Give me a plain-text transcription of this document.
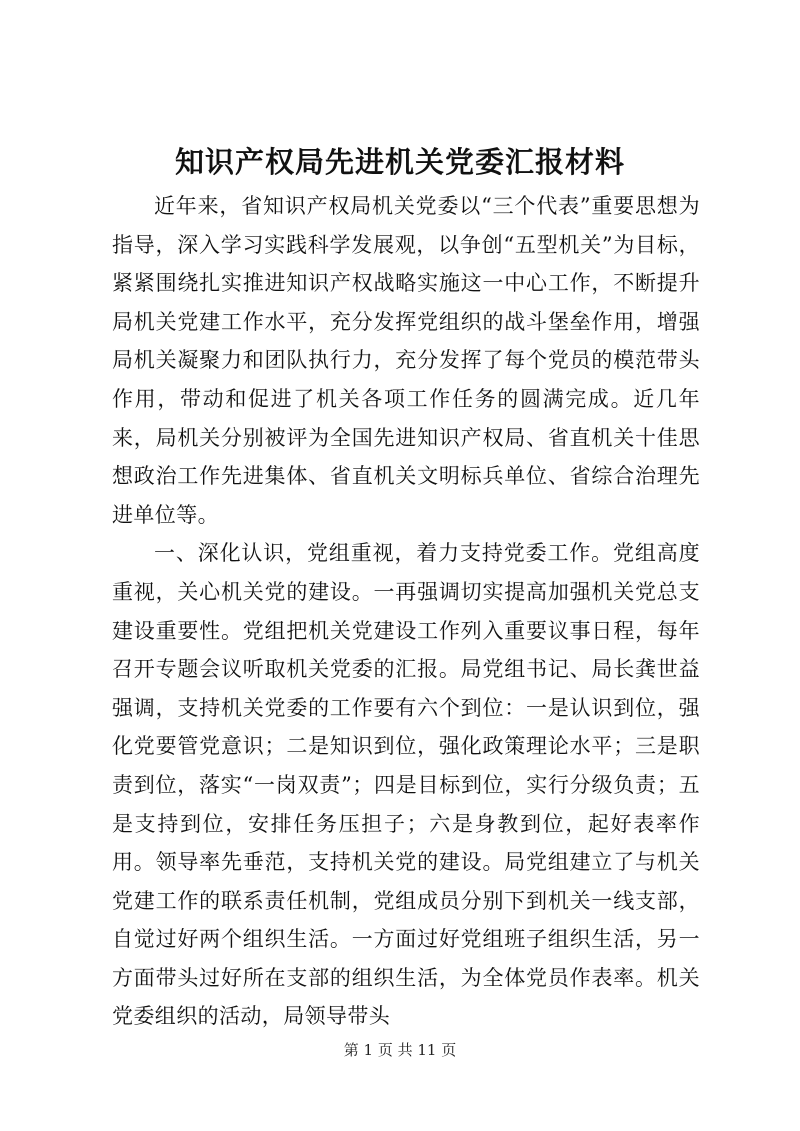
知识产权局先进机关党委汇报材料

近年来，省知识产权局机关党委以“三个代表”重要思想为指导，深入学习实践科学发展观，以争创“五型机关”为目标，紧紧围绕扎实推进知识产权战略实施这一中心工作，不断提升局机关党建工作水平，充分发挥党组织的战斗堡垒作用，增强局机关凝聚力和团队执行力，充分发挥了每个党员的模范带头作用，带动和促进了机关各项工作任务的圆满完成。近几年来，局机关分别被评为全国先进知识产权局、省直机关十佳思想政治工作先进集体、省直机关文明标兵单位、省综合治理先进单位等。

一、深化认识，党组重视，着力支持党委工作。党组高度重视，关心机关党的建设。一再强调切实提高加强机关党总支建设重要性。党组把机关党建设工作列入重要议事日程，每年召开专题会议听取机关党委的汇报。局党组书记、局长龚世益强调，支持机关党委的工作要有六个到位：一是认识到位，强化党要管党意识；二是知识到位，强化政策理论水平；三是职责到位，落实“一岗双责”；四是目标到位，实行分级负责；五是支持到位，安排任务压担子；六是身教到位，起好表率作用。领导率先垂范，支持机关党的建设。局党组建立了与机关党建工作的联系责任机制，党组成员分别下到机关一线支部，自觉过好两个组织生活。一方面过好党组班子组织生活，另一方面带头过好所在支部的组织生活，为全体党员作表率。机关党委组织的活动，局领导带头

第 1 页 共 11 页
